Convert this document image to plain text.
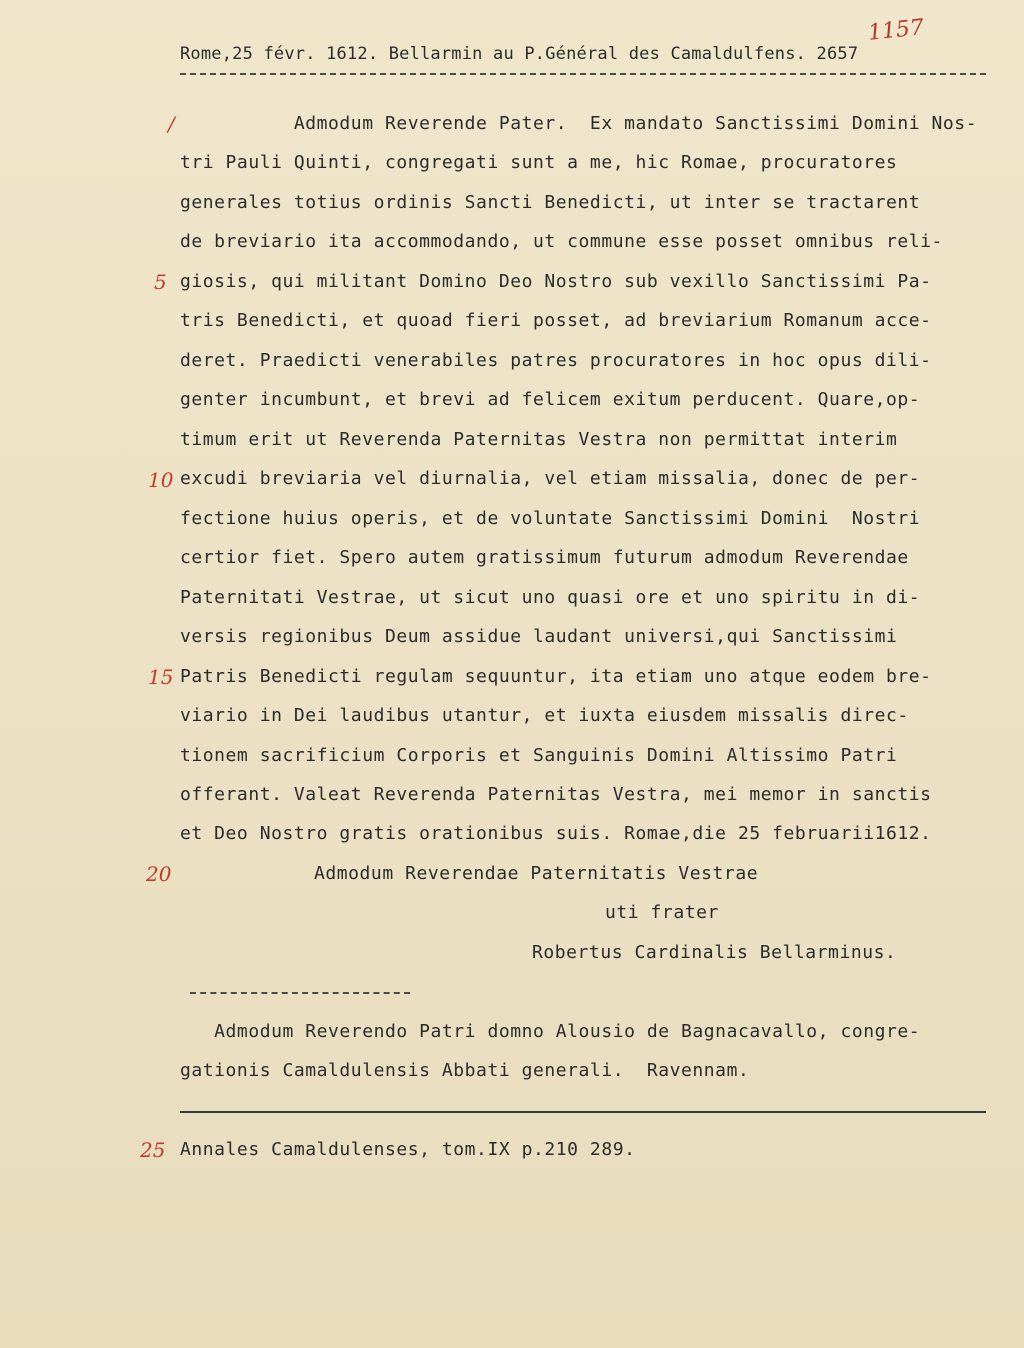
1157
Rome,25 févr. 1612. Bellarmin au P.Général des Camaldulfens. 2657
/
5
10
15
20
25
Admodum Reverende Pater.  Ex mandato Sanctissimi Domini Nos-
tri Pauli Quinti, congregati sunt a me, hic Romae, procuratores
generales totius ordinis Sancti Benedicti, ut inter se tractarent
de breviario ita accommodando, ut commune esse posset omnibus reli-
giosis, qui militant Domino Deo Nostro sub vexillo Sanctissimi Pa-
tris Benedicti, et quoad fieri posset, ad breviarium Romanum acce-
deret. Praedicti venerabiles patres procuratores in hoc opus dili-
genter incumbunt, et brevi ad felicem exitum perducent. Quare,op-
timum erit ut Reverenda Paternitas Vestra non permittat interim
excudi breviaria vel diurnalia, vel etiam missalia, donec de per-
fectione huius operis, et de voluntate Sanctissimi Domini  Nostri
certior fiet. Spero autem gratissimum futurum admodum Reverendae
Paternitati Vestrae, ut sicut uno quasi ore et uno spiritu in di-
versis regionibus Deum assidue laudant universi,qui Sanctissimi
Patris Benedicti regulam sequuntur, ita etiam uno atque eodem bre-
viario in Dei laudibus utantur, et iuxta eiusdem missalis direc-
tionem sacrificium Corporis et Sanguinis Domini Altissimo Patri
offerant. Valeat Reverenda Paternitas Vestra, mei memor in sanctis
et Deo Nostro gratis orationibus suis. Romae,die 25 februarii1612.
Admodum Reverendae Paternitatis Vestrae
uti frater
Robertus Cardinalis Bellarminus.
Admodum Reverendo Patri domno Alousio de Bagnacavallo, congre-
gationis Camaldulensis Abbati generali.  Ravennam.
Annales Camaldulenses, tom.IX p.210 289.
